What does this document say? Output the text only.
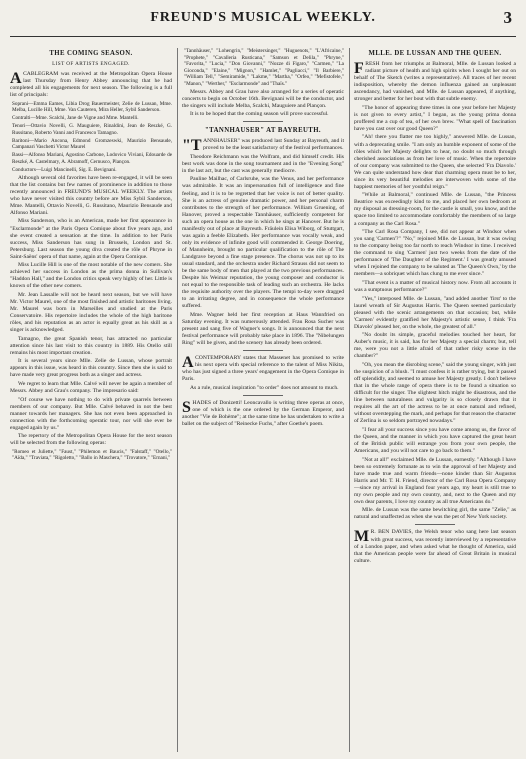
FREUND'S MUSICAL WEEKLY.	3
THE COMING SEASON.
LIST OF ARTISTS ENGAGED.

ACABLEGRAM was received at the Metropolitan Opera House last Thursday from Henry Abbey announcing that he had completed all his engagements for next season. The following is a full list of principals:

Soprani—Emma Eames, Libia Drog Bauermeister, Zelie de Lussan, Mme. Melba, Lucille Hill, Mme. Van Cauteren, Mira Heller, Sybil Sanderson.

Contralti—Mme. Scalchi, Jane de Vigne and Mme. Mantelli.

Tenori—Ottavio Novelli, G. Mauguiere, Rinaldini, Jean de Reszké, G. Russitano, Roberto Vanni and Francesco Tamagno.

Baritoni—Mario Ancona, Edmond Gromzeswki, Maurizio Bensaude, Campanari Vaschetti Victor Maurel

Bassi—Alfonso Mariani, Agostino Carbone, Lodovico Viviani, Edouarde de Reszké, A. Castelmary, A. Abramoff, Cernusco, Plançon.

Conductors—Luigi Mancinelli, Sig. E. Bevignani.

Although several old favorites have been re-engaged, it will be seen that the list contains but few names of prominence in addition to those recently announced in FREUND'S MUSICAL WEEKLY. The artists who have never visited this country before are Miss Sybil Sanderson, Mme. Mantelli, Ottavio Novelli, G. Russitano, Maurizio Bensaude and Alfonso Mariani.

Miss Sanderson, who is an American, made her first appearance in "Esclarmonde" at the Paris Opera Comique about five years ago, and she event created a sensation at the time. In addition to her Paris success, Miss Sanderson has sung in Brussels, London and St. Petersburg. Last season the young diva created the rôle of Phryne in Saint-Saëns' opera of that name, again at the Opera Comique.

Miss Lucille Hill is one of the most notable of the new comers. She achieved her success in London as the prima donna in Sullivan's "Haddon Hall," and the London critics speak very highly of her. Little is known of the other new comers.

Mr. Jean Lassalle will not be heard next season, but we will have Mr. Victor Maurel, one of the most finished and artistic baritones living. Mr. Maurel was born in Marseilles and studied at the Paris Conservatoire. His repertoire includes the whole of the high baritone rôles, and his reputation as an actor is equally great as his skill as a singer is acknowledged.

Tamagno, the great Spanish tenor, has attracted no particular attention since his last visit to this country in 1889. His Otello still remains his most important creation.

It is several years since Mlle. Zelie de Lussan, whose portrait appears in this issue, was heard in this country. Since then she is said to have made very great progress both as a singer and actress.

We regret to learn that Mlle. Calvé will never be again a member of Messrs. Abbey and Grau's company. The impresario said:

"Of course we have nothing to do with private quarrels between members of our company. But Mlle. Calvé behaved in not the best manner towards her managers. She has not even been approached in connection with the forthcoming operatic tour, nor will she ever be engaged again by us."

The repertory of the Metropolitan Opera House for the next season will be selected from the following operas:

"Romeo et Juliette," "Faust," "Philemon et Baucis," "Falstaff," "Otello," "Aïda," "Traviata," "Rigoletto," "Ballo in Maschera," "Trovatore," "Ernani,"

"Tannhäuser," "Lohengrin," "Meistersinger," "Huguenots," "L'Africaine," "Prophete," "Cavalleria Rusticana," "Samson et Delila," "Phryne," "Favorita," "Lucia," "Don Giovanni," "Nozze di Figaro," "Carmen," "La Gioconda," "Elaine," "Mignon," "Hamlet," "Pagliacci," "Il Barbiere," "William Tell," "Semiramide," "Lakme," "Martha," "Orfeo," "Mefistofele," "Manon," "Werther," "Esclarmonde" and "Thaïs."

Messrs. Abbey and Grau have also arranged for a series of operatic concerts to begin on October 16th. Bevignani will be the conductor, and the singers will include Melba, Scalchi, Mauguiere and Plançon.

It is to be hoped that the coming season will prove successful.

"TANNHAUSER" AT BAYREUTH.

"TANNHAUSER" was produced last Sunday at Bayreuth, and it proved to be the least satisfactory of the festival performances.

Theodore Reichmann was the Wolfram, and did himself credit. His best work was done in the song tournament and in the "Evening Song" in the last act, but the cast was generally mediocre.

Pauline Mailhac, of Carlsruhe, was the Venus, and her performance was admirable. It was an impersonation full of intelligence and fine feeling, and it is to be regretted that her voice is not of better quality. She is an actress of genuine dramatic power, and her personal charm contributes to the strength of her performance. William Gruening, of Hanover, proved a respectable Tannhäuser, sufficiently competent for such an opera house as the one in which he sings at Hanover. But he is manifestly out of place at Bayreuth. Fräulein Elisa Wiborg, of Stuttgart, was again a feeble Elizabeth. Her performance was vocally weak, and only its evidence of infinite good will commended it. George Doering, of Mannheim, brought no particular qualification to the rôle of The Landgrave beyond a fine stage presence. The chorus was not up to its usual standard, and the orchestra under Richard Strauss did not seem to be the same body of men that played at the two previous performances. Despite his Weimar reputation, the young composer and conductor is not equal to the responsible task of leading such an orchestra. He lacks the requisite authority over the players. The tempi to-day were dragged to an irritating degree, and in consequence the whole performance suffered.

Mme. Wagner held her first reception at Haus Wannfried on Saturday evening. It was numerously attended. Frau Rosa Sucher was present and sang five of Wagner's songs. It is announced that the next festival performance will probably take place in 1896. The "Nibelungen Ring" will be given, and the scenery has already been ordered.

ACONTEMPORARY states that Massenet has promised to write his next opera with special reference to the talent of Miss Nikita, who has just signed a three years' engagement in the Opera Comique in Paris.

As a rule, musical inspiration "to order" does not amount to much.

SHADES of Donizetti! Leoncavallo is writing three operas at once, one of which is the one ordered by the German Emperor, and another "Vie de Bohème"; at the same time he has undertaken to write a ballet on the subject of "Reinecke Fuchs," after Goethe's poem.

MLLE. DE LUSSAN AND THE QUEEN.

FRESH from her triumphs at Balmoral, Mlle. de Lussan looked a radiant picture of health and high spirits when I sought her out on behalf of The Sketch (writes a representative). All traces of her recent indisposition, whereby the demon influenza gained an unpleasant ascendancy, had vanished, and Mlle. de Lussan appeared, if anything, stronger and better for her bout with that subtle enemy.

"The honor of appearing three times in one year before her Majesty is not given to every artist," I began, as the young prima donna proffered me a cup of tea, of her own brew. "What spell of fascination have you cast over our good Queen?"

"Ah! there you flatter me too highly," answered Mlle. de Lussan, with a deprecating smile. "I am only an humble exponent of some of the rôles which her Majesty delights to hear, no doubt so much through cherished associations as from her love of music. When the repertoire of our company was submitted to the Queen, she selected 'Fra Diavolo.' We can quite understand how dear that charming opera must be to her, since its very beautiful melodies are interwoven with some of the happiest memories of her youthful reign."

"While at Balmoral," continued Mlle. de Lussan, "the Princess Beatrice was exceedingly kind to me, and placed her own bedroom at my disposal as dressing-room, for the castle is small, you know, and the space too limited to accommodate comfortably the members of so large a company as the Carl Rosa."

"The Carl Rosa Company, I see, did not appear at Windsor when you sang 'Carmen'?" "No," rejoined Mlle. de Lussan, but it was owing to the company being too far north to reach Windsor in time. I received the command to sing 'Carmen' just two weeks from the date of the performance of 'The Daughter of the Regiment.' I was greatly amused when I rejoined the company to be saluted as 'The Queen's Own,' by the members—a sobriquet which has clung to me ever since."

"That event is a matter of musical history now. From all accounts it was a sumptuous performance?"

"Yes," interposed Mlle. de Lussan, "and added another 'first' to the laurel wreath of Sir Augustus Harris. The Queen seemed particularly pleased with the scenic arrangements on that occasion; but, while 'Carmen' evidently gratified her Majesty's artistic sense, I think 'Fra Diavolo' pleased her, on the whole, the greatest of all."

"No doubt its simple, graceful melodies touched her heart, for Auber's music, it is said, has for her Majesty a special charm; but, tell me, were you not a little afraid of that rather risky scene in the chamber?"

"Oh, you mean the disrobing scene," said the young singer, with just the suspicion of a blush. "I must confess it is rather trying, but it passed off splendidly, and seemed to amuse her Majesty greatly. I don't believe that in the whole range of opera there is to be found a situation so difficult for the singer. The slightest hitch might be disastrous, and the line between naturalness and vulgarity is so closely drawn that it requires all the art of the actress to be at once natural and refined, without overstepping the mark, and perhaps for that reason the character of Zerlina is so seldom portrayed nowadays."

"I fear all your success since you have come among us, the favor of the Queen, and the manner in which you have captured the great heart of the British public will estrange you from your own people, the Americans, and you will not care to go back to them."

"Not at all!" exclaimed Mlle. de Lussan, earnestly. "Although I have been so extremely fortunate as to win the approval of her Majesty and have made true and warm friends—none kinder than Sir Augustus Harris and Mr. T. H. Friend, director of the Carl Rosa Opera Company—since my arrival in England four years ago, my heart is still true to my own people and my own country, and, next to the Queen and my own dear parents, I love my country as all true Americans do."

Mlle. de Lussan was the same bewitching girl, the same "Zelie," as natural and unaffected as when she was the pet of New York society.

M R. BEN DAVIES, the Welsh tenor who sang here last season with great success, was recently interviewed by a representative of a London paper, and when asked what he thought of America, said that the American people were far ahead of Great Britain in musical culture.
